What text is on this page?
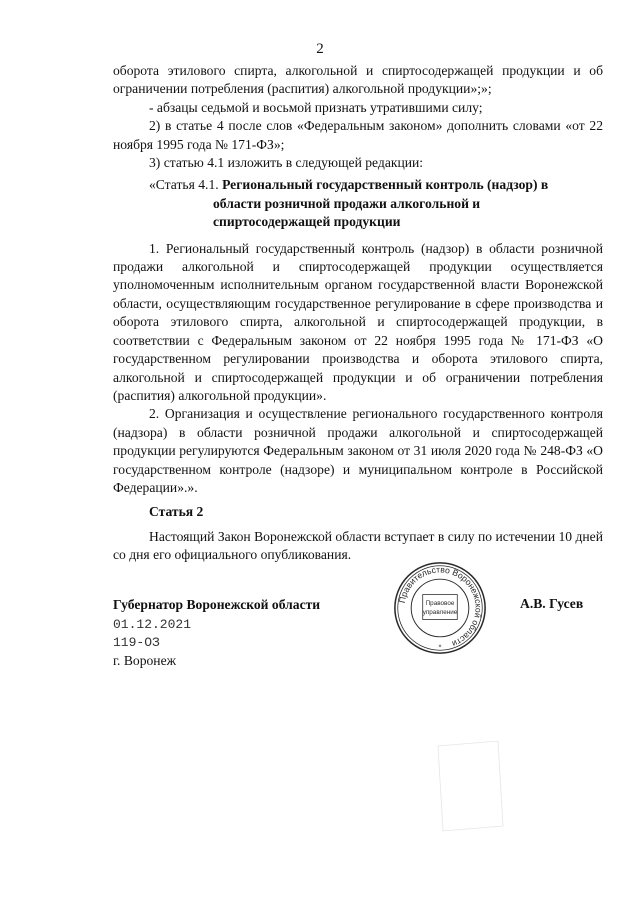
2

оборота этилового спирта, алкогольной и спиртосодержащей продукции и об ограничении потребления (распития) алкогольной продукции»;»;

- абзацы седьмой и восьмой признать утратившими силу;

2) в статье 4 после слов «Федеральным законом» дополнить словами «от 22 ноября 1995 года № 171-ФЗ»;

3) статью 4.1 изложить в следующей редакции:

«Статья 4.1. Региональный государственный контроль (надзор) в

области розничной продажи алкогольной и спиртосодержащей продукции

1. Региональный государственный контроль (надзор) в области розничной продажи алкогольной и спиртосодержащей продукции осуществляется уполномоченным исполнительным органом государственной власти Воронежской области, осуществляющим государственное регулирование в сфере производства и оборота этилового спирта, алкогольной и спиртосодержащей продукции, в соответствии с Федеральным законом от 22 ноября 1995 года № 171-ФЗ «О государственном регулировании производства и оборота этилового спирта, алкогольной и спиртосодержащей продукции и об ограничении потребления (распития) алкогольной продукции».

2. Организация и осуществление регионального государственного контроля (надзора) в области розничной продажи алкогольной и спиртосодержащей продукции регулируются Федеральным законом от 31 июля 2020 года № 248-ФЗ «О государственном контроле (надзоре) и муниципальном контроле в Российской Федерации».».

Статья 2

Настоящий Закон Воронежской области вступает в силу по истечении 10 дней со дня его официального опубликования.

Губернатор Воронежской области
01.12.2021
119-ОЗ
г. Воронеж
А.В. Гусев
Правительство Воронежской области
Правовое
управление
*
